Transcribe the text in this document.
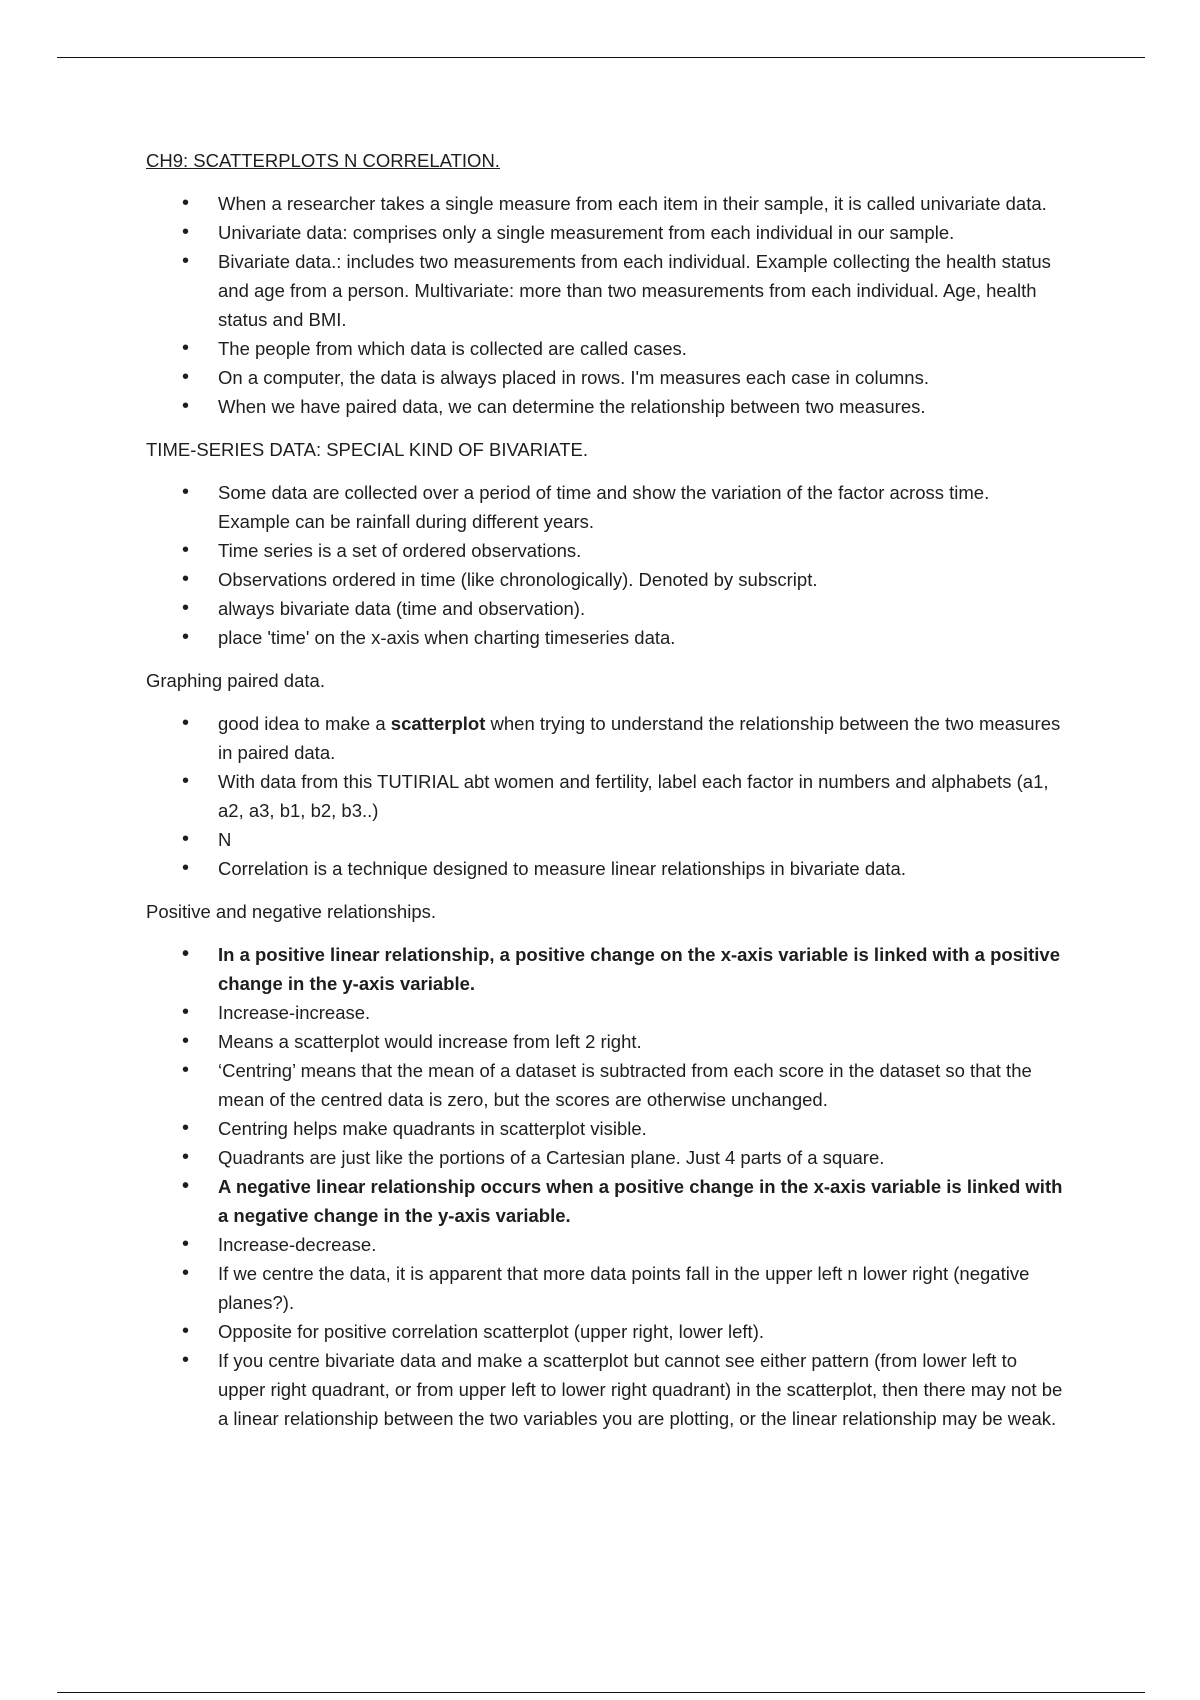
CH9: SCATTERPLOTS N CORRELATION.

• When a researcher takes a single measure from each item in their sample, it is called univariate data.
• Univariate data: comprises only a single measurement from each individual in our sample.
• Bivariate data.: includes two measurements from each individual. Example collecting the health status and age from a person. Multivariate: more than two measurements from each individual. Age, health status and BMI.
• The people from which data is collected are called cases.
• On a computer, the data is always placed in rows. I'm measures each case in columns.
• When we have paired data, we can determine the relationship between two measures.

TIME-SERIES DATA: SPECIAL KIND OF BIVARIATE.

• Some data are collected over a period of time and show the variation of the factor across time. Example can be rainfall during different years.
• Time series is a set of ordered observations.
• Observations ordered in time (like chronologically). Denoted by subscript.
• always bivariate data (time and observation).
• place 'time' on the x-axis when charting timeseries data.

Graphing paired data.

• good idea to make a scatterplot when trying to understand the relationship between the two measures in paired data.
• With data from this TUTIRIAL abt women and fertility, label each factor in numbers and alphabets (a1, a2, a3, b1, b2, b3..)
• N
• Correlation is a technique designed to measure linear relationships in bivariate data.

Positive and negative relationships.

• In a positive linear relationship, a positive change on the x-axis variable is linked with a positive change in the y-axis variable.
• Increase-increase.
• Means a scatterplot would increase from left 2 right.
• ‘Centring’ means that the mean of a dataset is subtracted from each score in the dataset so that the mean of the centred data is zero, but the scores are otherwise unchanged.
• Centring helps make quadrants in scatterplot visible.
• Quadrants are just like the portions of a Cartesian plane. Just 4 parts of a square.
• A negative linear relationship occurs when a positive change in the x-axis variable is linked with a negative change in the y-axis variable.
• Increase-decrease.
• If we centre the data, it is apparent that more data points fall in the upper left n lower right (negative planes?).
• Opposite for positive correlation scatterplot (upper right, lower left).
• If you centre bivariate data and make a scatterplot but cannot see either pattern (from lower left to upper right quadrant, or from upper left to lower right quadrant) in the scatterplot, then there may not be a linear relationship between the two variables you are plotting, or the linear relationship may be weak.
